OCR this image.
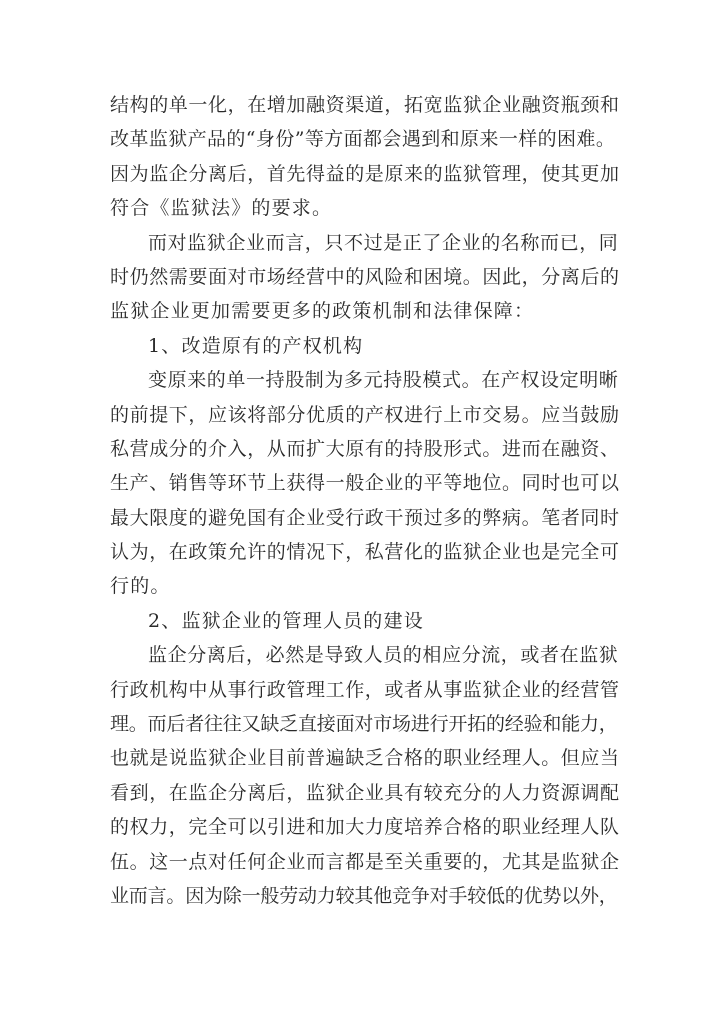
结构的单一化，在增加融资渠道，拓宽监狱企业融资瓶颈和
改革监狱产品的“身份”等方面都会遇到和原来一样的困难。
因为监企分离后，首先得益的是原来的监狱管理，使其更加
符合《监狱法》的要求。
而对监狱企业而言，只不过是正了企业的名称而已，同
时仍然需要面对市场经营中的风险和困境。因此，分离后的
监狱企业更加需要更多的政策机制和法律保障：
1、改造原有的产权机构
变原来的单一持股制为多元持股模式。在产权设定明晰
的前提下，应该将部分优质的产权进行上市交易。应当鼓励
私营成分的介入，从而扩大原有的持股形式。进而在融资、
生产、销售等环节上获得一般企业的平等地位。同时也可以
最大限度的避免国有企业受行政干预过多的弊病。笔者同时
认为，在政策允许的情况下，私营化的监狱企业也是完全可
行的。
2、监狱企业的管理人员的建设
监企分离后，必然是导致人员的相应分流，或者在监狱
行政机构中从事行政管理工作，或者从事监狱企业的经营管
理。而后者往往又缺乏直接面对市场进行开拓的经验和能力，
也就是说监狱企业目前普遍缺乏合格的职业经理人。但应当
看到，在监企分离后，监狱企业具有较充分的人力资源调配
的权力，完全可以引进和加大力度培养合格的职业经理人队
伍。这一点对任何企业而言都是至关重要的，尤其是监狱企
业而言。因为除一般劳动力较其他竞争对手较低的优势以外，
